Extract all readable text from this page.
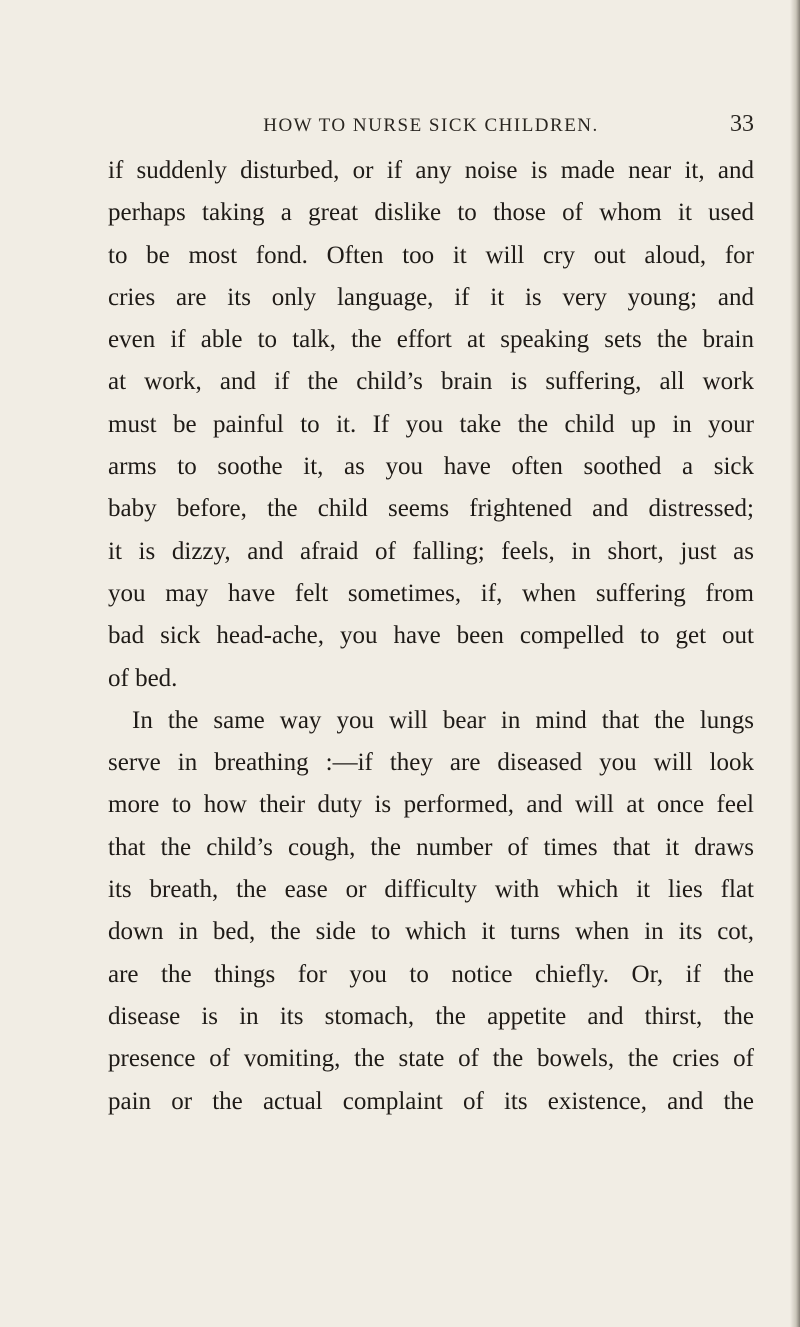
HOW TO NURSE SICK CHILDREN.	33
if suddenly disturbed, or if any noise is made near it, and
perhaps taking a great dislike to those of whom it used
to be most fond. Often too it will cry out aloud, for
cries are its only language, if it is very young; and
even if able to talk, the effort at speaking sets the brain
at work, and if the child’s brain is suffering, all work
must be painful to it. If you take the child up in your
arms to soothe it, as you have often soothed a sick
baby before, the child seems frightened and distressed;
it is dizzy, and afraid of falling; feels, in short, just as
you may have felt sometimes, if, when suffering from
bad sick head-ache, you have been compelled to get out
of bed.
In the same way you will bear in mind that the lungs
serve in breathing :—if they are diseased you will look
more to how their duty is performed, and will at once feel
that the child’s cough, the number of times that it draws
its breath, the ease or difficulty with which it lies flat
down in bed, the side to which it turns when in its cot,
are the things for you to notice chiefly. Or, if the
disease is in its stomach, the appetite and thirst, the
presence of vomiting, the state of the bowels, the cries of
pain or the actual complaint of its existence, and the
